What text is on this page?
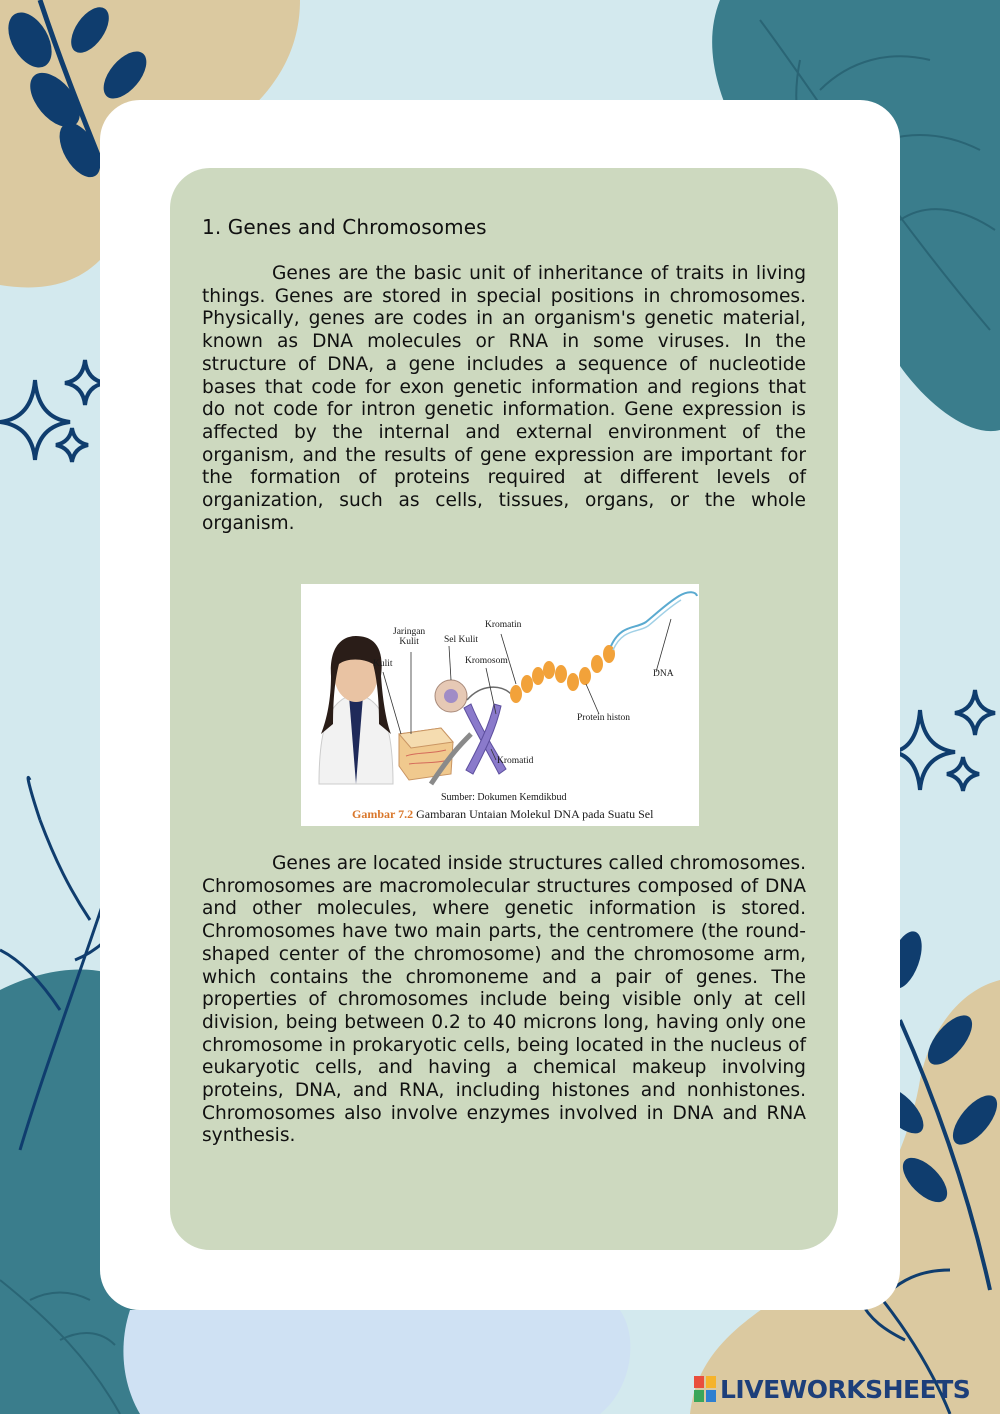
1. Genes and Chromosomes

Genes are the basic unit of inheritance of traits in living things. Genes are stored in special positions in chromosomes. Physically, genes are codes in an organism's genetic material, known as DNA molecules or RNA in some viruses. In the structure of DNA, a gene includes a sequence of nucleotide bases that code for exon genetic information and regions that do not code for intron genetic information. Gene expression is affected by the internal and external environment of the organism, and the results of gene expression are important for the formation of proteins required at different levels of organization, such as cells, tissues, organs, or the whole organism.

Kulit
Jaringan
Kulit	Sel Kulit
Kromatin
Kromosom
DNA
Protein histon
Kromatid
Sumber: Dokumen Kemdikbud
Gambar 7.2 Gambaran Untaian Molekul DNA pada Suatu Sel

Genes are located inside structures called chromosomes. Chromosomes are macromolecular structures composed of DNA and other molecules, where genetic information is stored. Chromosomes have two main parts, the centromere (the round-shaped center of the chromosome) and the chromosome arm, which contains the chromoneme and a pair of genes. The properties of chromosomes include being visible only at cell division, being between 0.2 to 40 microns long, having only one chromosome in prokaryotic cells, being located in the nucleus of eukaryotic cells, and having a chemical makeup involving proteins, DNA, and RNA, including histones and nonhistones. Chromosomes also involve enzymes involved in DNA and RNA synthesis.

LIVEWORKSHEETS
